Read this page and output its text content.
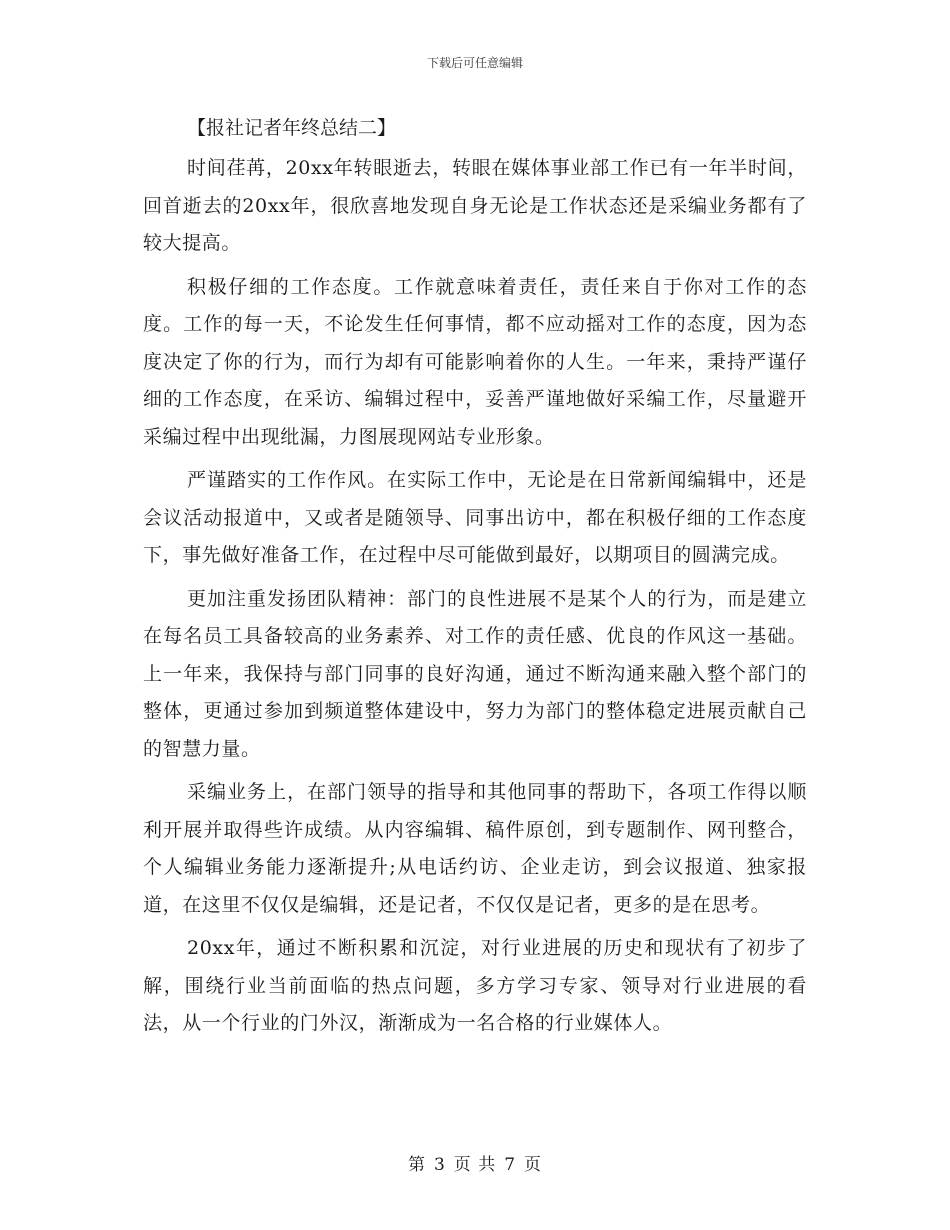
下载后可任意编辑
【报社记者年终总结二】

时间荏苒，20xx年转眼逝去，转眼在媒体事业部工作已有一年半时间，回首逝去的20xx年，很欣喜地发现自身无论是工作状态还是采编业务都有了较大提高。

积极仔细的工作态度。工作就意味着责任，责任来自于你对工作的态度。工作的每一天，不论发生任何事情，都不应动摇对工作的态度，因为态度决定了你的行为，而行为却有可能影响着你的人生。一年来，秉持严谨仔细的工作态度，在采访、编辑过程中，妥善严谨地做好采编工作，尽量避开采编过程中出现纰漏，力图展现网站专业形象。

严谨踏实的工作作风。在实际工作中，无论是在日常新闻编辑中，还是会议活动报道中，又或者是随领导、同事出访中，都在积极仔细的工作态度下，事先做好准备工作，在过程中尽可能做到最好，以期项目的圆满完成。

更加注重发扬团队精神：部门的良性进展不是某个人的行为，而是建立在每名员工具备较高的业务素养、对工作的责任感、优良的作风这一基础。上一年来，我保持与部门同事的良好沟通，通过不断沟通来融入整个部门的整体，更通过参加到频道整体建设中，努力为部门的整体稳定进展贡献自己的智慧力量。

采编业务上，在部门领导的指导和其他同事的帮助下，各项工作得以顺利开展并取得些许成绩。从内容编辑、稿件原创，到专题制作、网刊整合，个人编辑业务能力逐渐提升;从电话约访、企业走访，到会议报道、独家报道，在这里不仅仅是编辑，还是记者，不仅仅是记者，更多的是在思考。

20xx年，通过不断积累和沉淀，对行业进展的历史和现状有了初步了解，围绕行业当前面临的热点问题，多方学习专家、领导对行业进展的看法，从一个行业的门外汉，渐渐成为一名合格的行业媒体人。

第 3 页 共 7 页
